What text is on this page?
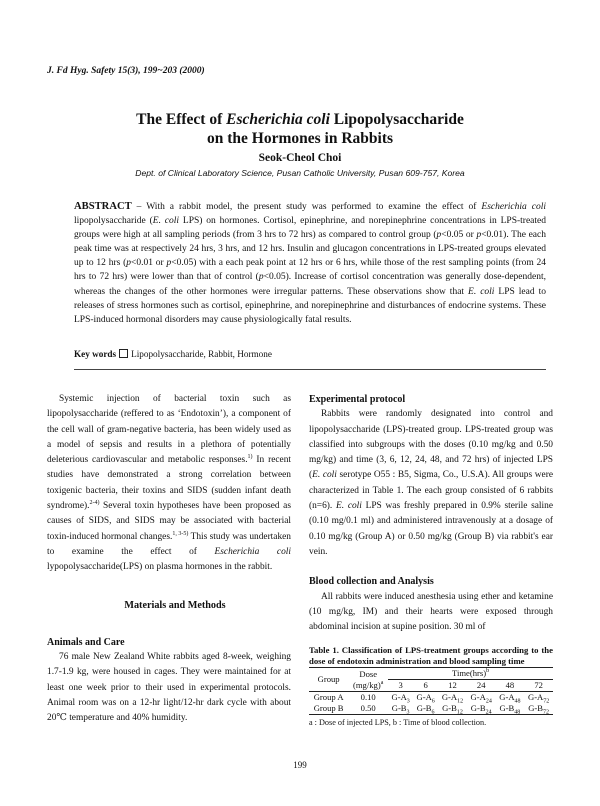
J. Fd Hyg. Safety 15(3), 199~203 (2000)
The Effect of Escherichia coli Lipopolysaccharide
on the Hormones in Rabbits
Seok-Cheol Choi
Dept. of Clinical Laboratory Science, Pusan Catholic University, Pusan 609-757, Korea
ABSTRACT – With a rabbit model, the present study was performed to examine the effect of Escherichia coli lipopolysaccharide (E. coli LPS) on hormones. Cortisol, epinephrine, and norepinephrine concentrations in LPS-treated groups were high at all sampling periods (from 3 hrs to 72 hrs) as compared to control group (p<0.05 or p<0.01). The each peak time was at respectively 24 hrs, 3 hrs, and 12 hrs. Insulin and glucagon concentrations in LPS-treated groups elevated up to 12 hrs (p<0.01 or p<0.05) with a each peak point at 12 hrs or 6 hrs, while those of the rest sampling points (from 24 hrs to 72 hrs) were lower than that of control (p<0.05). Increase of cortisol concentration was generally dose-dependent, whereas the changes of the other hormones were irregular patterns. These observations show that E. coli LPS lead to releases of stress hormones such as cortisol, epinephrine, and norepinephrine and disturbances of endocrine systems. These LPS-induced hormonal disorders may cause physiologically fatal results.
Key words Lipopolysaccharide, Rabbit, Hormone

Systemic injection of bacterial toxin such as lipopolysaccharide (reffered to as ‘Endotoxin’), a component of the cell wall of gram-negative bacteria, has been widely used as a model of sepsis and results in a plethora of potentially deleterious cardiovascular and metabolic responses.$^{1)}$ In recent studies have demonstrated a strong correlation between toxigenic bacteria, their toxins and SIDS (sudden infant death syndrome).$^{2-4)}$ Several toxin hypotheses have been proposed as causes of SIDS, and SIDS may be associated with bacterial toxin-induced hormonal changes.$^{1, 3-5)}$ This study was undertaken to examine the effect of Escherichia coli lypopolysaccharide(LPS) on plasma hormones in the rabbit.

Materials and Methods

Animals and Care

76 male New Zealand White rabbits aged 8-week, weighing 1.7-1.9 kg, were housed in cages. They were maintained for at least one week prior to their used in experimental protocols. Animal room was on a 12-hr light/12-hr dark cycle with about 20℃ temperature and 40% humidity.

Experimental protocol

Rabbits were randomly designated into control and lipopolysaccharide (LPS)-treated group. LPS-treated group was classified into subgroups with the doses (0.10 mg/kg and 0.50 mg/kg) and time (3, 6, 12, 24, 48, and 72 hrs) of injected LPS (E. coli serotype O55 : B5, Sigma, Co., U.S.A). All groups were characterized in Table 1. The each group consisted of 6 rabbits (n=6). E. coli LPS was freshly prepared in 0.9% sterile saline (0.10 mg/0.1 ml) and administered intravenously at a dosage of 0.10 mg/kg (Group A) or 0.50 mg/kg (Group B) via rabbit's ear vein.

Blood collection and Analysis

All rabbits were induced anesthesia using ether and ketamine (10 mg/kg, IM) and their hearts were exposed through abdominal incision at supine position. 30 ml of

Table 1. Classification of LPS-treatment groups according to the dose of endotoxin administration and blood sampling time

Group	Dose	Time(hrs)$^b$
	$(mg/kg)^a$	3	6	12	24	48	72
Group A	0.10	$G-A_3$	$G-A_6$	$G-A_{12}$	$G-A_{24}$	$G-A_{48}$	$G-A_{72}$
Group B	0.50	$G-B_3$	$G-B_6$	$G-B_{12}$	$G-B_{24}$	$G-B_{48}$	$G-B_{72}$

a : Dose of injected LPS, b : Time of blood collection.

199
